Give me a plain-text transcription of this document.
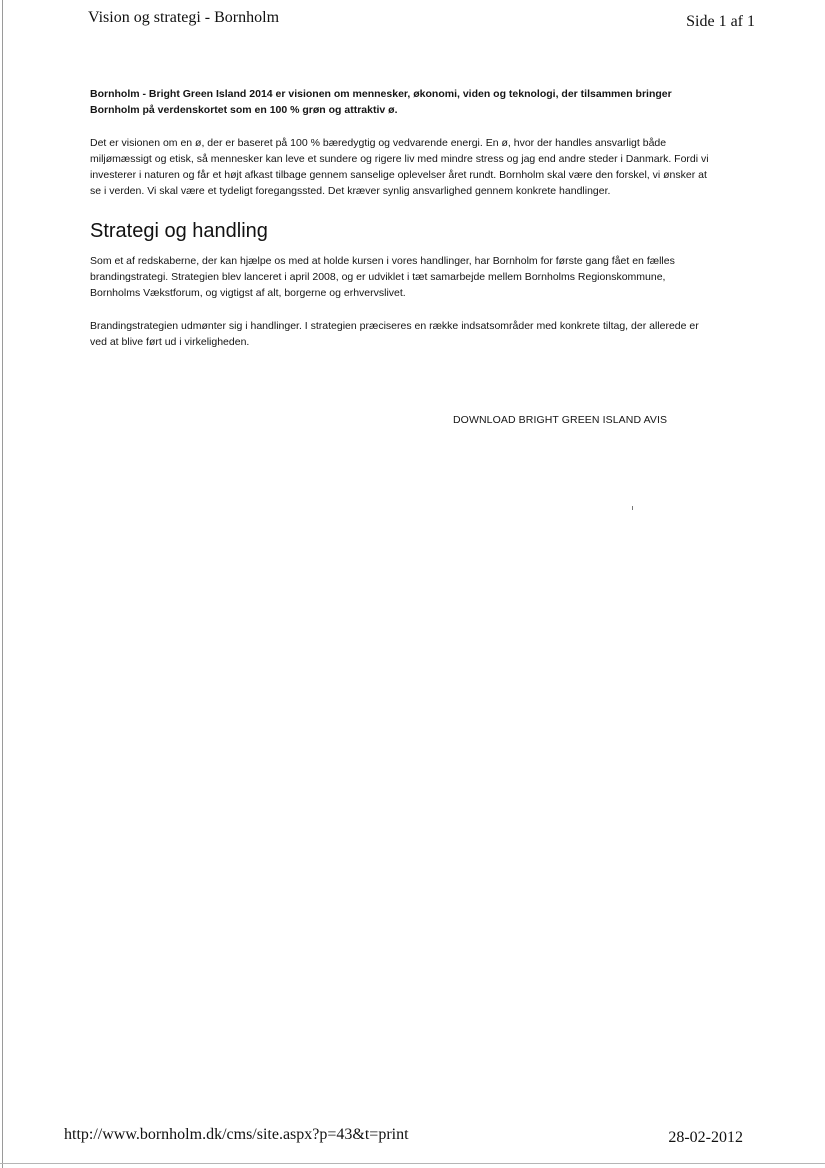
Vision og strategi - Bornholm	Side 1 af 1

Bornholm - Bright Green Island 2014 er visionen om mennesker, økonomi, viden og teknologi, der tilsammen bringer Bornholm på verdenskortet som en 100 % grøn og attraktiv ø.

Det er visionen om en ø, der er baseret på 100 % bæredygtig og vedvarende energi. En ø, hvor der handles ansvarligt både miljømæssigt og etisk, så mennesker kan leve et sundere og rigere liv med mindre stress og jag end andre steder i Danmark. Fordi vi investerer i naturen og får et højt afkast tilbage gennem sanselige oplevelser året rundt. Bornholm skal være den forskel, vi ønsker at se i verden. Vi skal være et tydeligt foregangssted. Det kræver synlig ansvarlighed gennem konkrete handlinger.

Strategi og handling

Som et af redskaberne, der kan hjælpe os med at holde kursen i vores handlinger, har Bornholm for første gang fået en fælles brandingstrategi. Strategien blev lanceret i april 2008, og er udviklet i tæt samarbejde mellem Bornholms Regionskommune, Bornholms Vækstforum, og vigtigst af alt, borgerne og erhvervslivet.

Brandingstrategien udmønter sig i handlinger. I strategien præciseres en række indsatsområder med konkrete tiltag, der allerede er ved at blive ført ud i virkeligheden.

DOWNLOAD BRIGHT GREEN ISLAND AVIS
http://www.bornholm.dk/cms/site.aspx?p=43&t=print	28-02-2012
